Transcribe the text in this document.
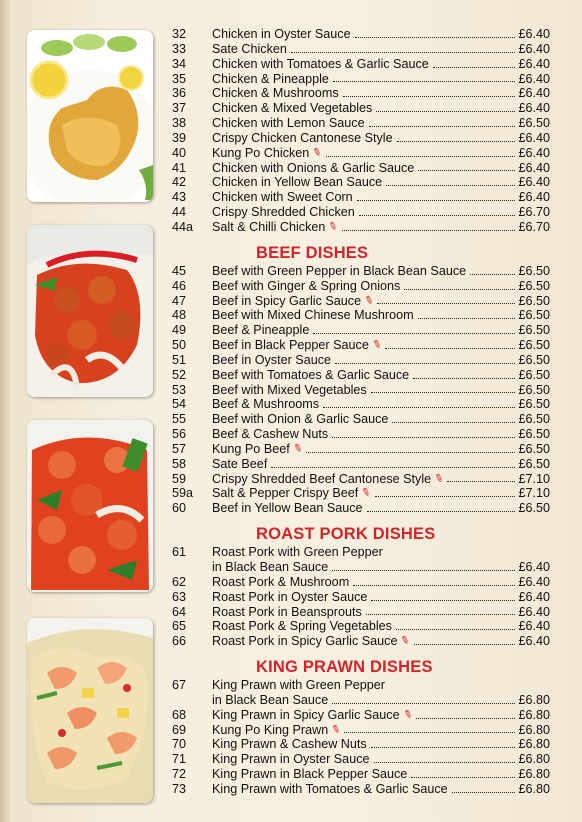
32	Chicken in Oyster Sauce	£6.40
33	Sate Chicken	£6.40
34	Chicken with Tomatoes & Garlic Sauce	£6.40
35	Chicken & Pineapple	£6.40
36	Chicken & Mushrooms	£6.40
37	Chicken & Mixed Vegetables	£6.40
38	Chicken with Lemon Sauce	£6.50
39	Crispy Chicken Cantonese Style	£6.40
40	Kung Po Chicken ✎	£6.40
41	Chicken with Onions & Garlic Sauce	£6.40
42	Chicken in Yellow Bean Sauce	£6.40
43	Chicken with Sweet Corn	£6.40
44	Crispy Shredded Chicken	£6.70
44a	Salt & Chilli Chicken ✎	£6.70
BEEF DISHES
45	Beef with Green Pepper in Black Bean Sauce	£6.50
46	Beef with Ginger & Spring Onions	£6.50
47	Beef in Spicy Garlic Sauce ✎	£6.50
48	Beef with Mixed Chinese Mushroom	£6.50
49	Beef & Pineapple	£6.50
50	Beef in Black Pepper Sauce ✎	£6.50
51	Beef in Oyster Sauce	£6.50
52	Beef with Tomatoes & Garlic Sauce	£6.50
53	Beef with Mixed Vegetables	£6.50
54	Beef & Mushrooms	£6.50
55	Beef with Onion & Garlic Sauce	£6.50
56	Beef & Cashew Nuts	£6.50
57	Kung Po Beef ✎	£6.50
58	Sate Beef	£6.50
59	Crispy Shredded Beef Cantonese Style ✎	£7.10
59a	Salt & Pepper Crispy Beef ✎	£7.10
60	Beef in Yellow Bean Sauce	£6.50
ROAST PORK DISHES
61	Roast Pork with Green Pepper
in Black Bean Sauce	£6.40
62	Roast Pork & Mushroom	£6.40
63	Roast Pork in Oyster Sauce	£6.40
64	Roast Pork in Beansprouts	£6.40
65	Roast Pork & Spring Vegetables	£6.40
66	Roast Pork in Spicy Garlic Sauce ✎	£6.40
KING PRAWN DISHES
67	King Prawn with Green Pepper
in Black Bean Sauce	£6.80
68	King Prawn in Spicy Garlic Sauce ✎	£6.80
69	Kung Po King Prawn ✎	£6.80
70	King Prawn & Cashew Nuts	£6.80
71	King Prawn in Oyster Sauce	£6.80
72	King Prawn in Black Pepper Sauce	£6.80
73	King Prawn with Tomatoes & Garlic Sauce	£6.80
